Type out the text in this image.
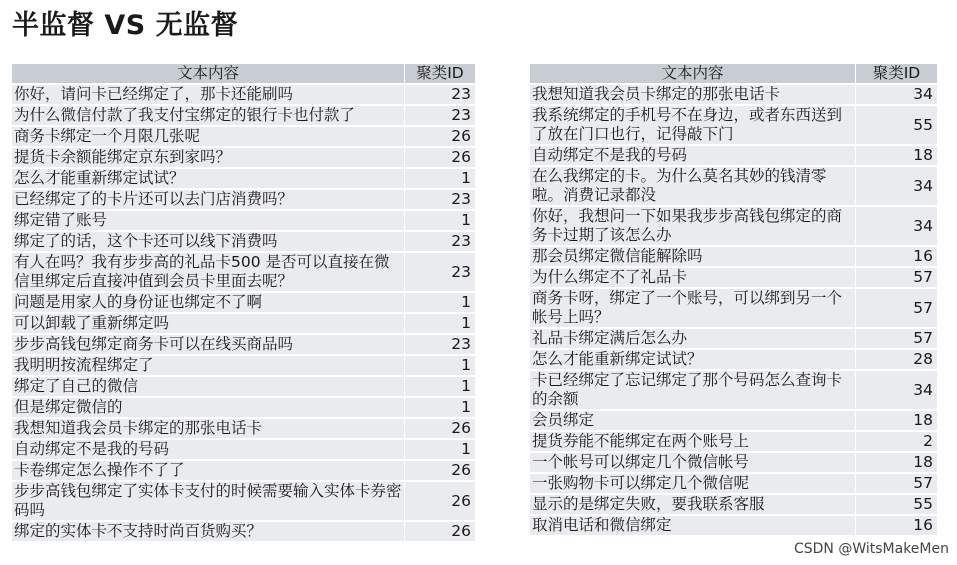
半监督 VS 无监督
文本内容	聚类ID
你好，请问卡已经绑定了，那卡还能刷吗	23
为什么微信付款了我支付宝绑定的银行卡也付款了	23
商务卡绑定一个月限几张呢	26
提货卡余额能绑定京东到家吗？	26
怎么才能重新绑定试试？	1
已经绑定了的卡片还可以去门店消费吗？	23
绑定错了账号	1
绑定了的话，这个卡还可以线下消费吗	23
有人在吗？我有步步高的礼品卡500 是否可以直接在微信里绑定后直接冲值到会员卡里面去呢？	23
问题是用家人的身份证也绑定不了啊	1
可以卸载了重新绑定吗	1
步步高钱包绑定商务卡可以在线买商品吗	23
我明明按流程绑定了	1
绑定了自己的微信	1
但是绑定微信的	1
我想知道我会员卡绑定的那张电话卡	26
自动绑定不是我的号码	1
卡卷绑定怎么操作不了了	26
步步高钱包绑定了实体卡支付的时候需要输入实体卡券密码吗	26
绑定的实体卡不支持时尚百货购买？	26
文本内容	聚类ID
我想知道我会员卡绑定的那张电话卡	34
我系统绑定的手机号不在身边，或者东西送到了放在门口也行，记得敲下门	55
自动绑定不是我的号码	18
在么我绑定的卡。为什么莫名其妙的钱清零啦。消费记录都没	34
你好，我想问一下如果我步步高钱包绑定的商务卡过期了该怎么办	34
那会员绑定微信能解除吗	16
为什么绑定不了礼品卡	57
商务卡呀，绑定了一个账号，可以绑到另一个帐号上吗？	57
礼品卡绑定满后怎么办	57
怎么才能重新绑定试试？	28
卡已经绑定了忘记绑定了那个号码怎么查询卡的余额	34
会员绑定	18
提货券能不能绑定在两个账号上	2
一个帐号可以绑定几个微信帐号	18
一张购物卡可以绑定几个微信呢	57
显示的是绑定失败，要我联系客服	55
取消电话和微信绑定	16
CSDN @WitsMakeMen
